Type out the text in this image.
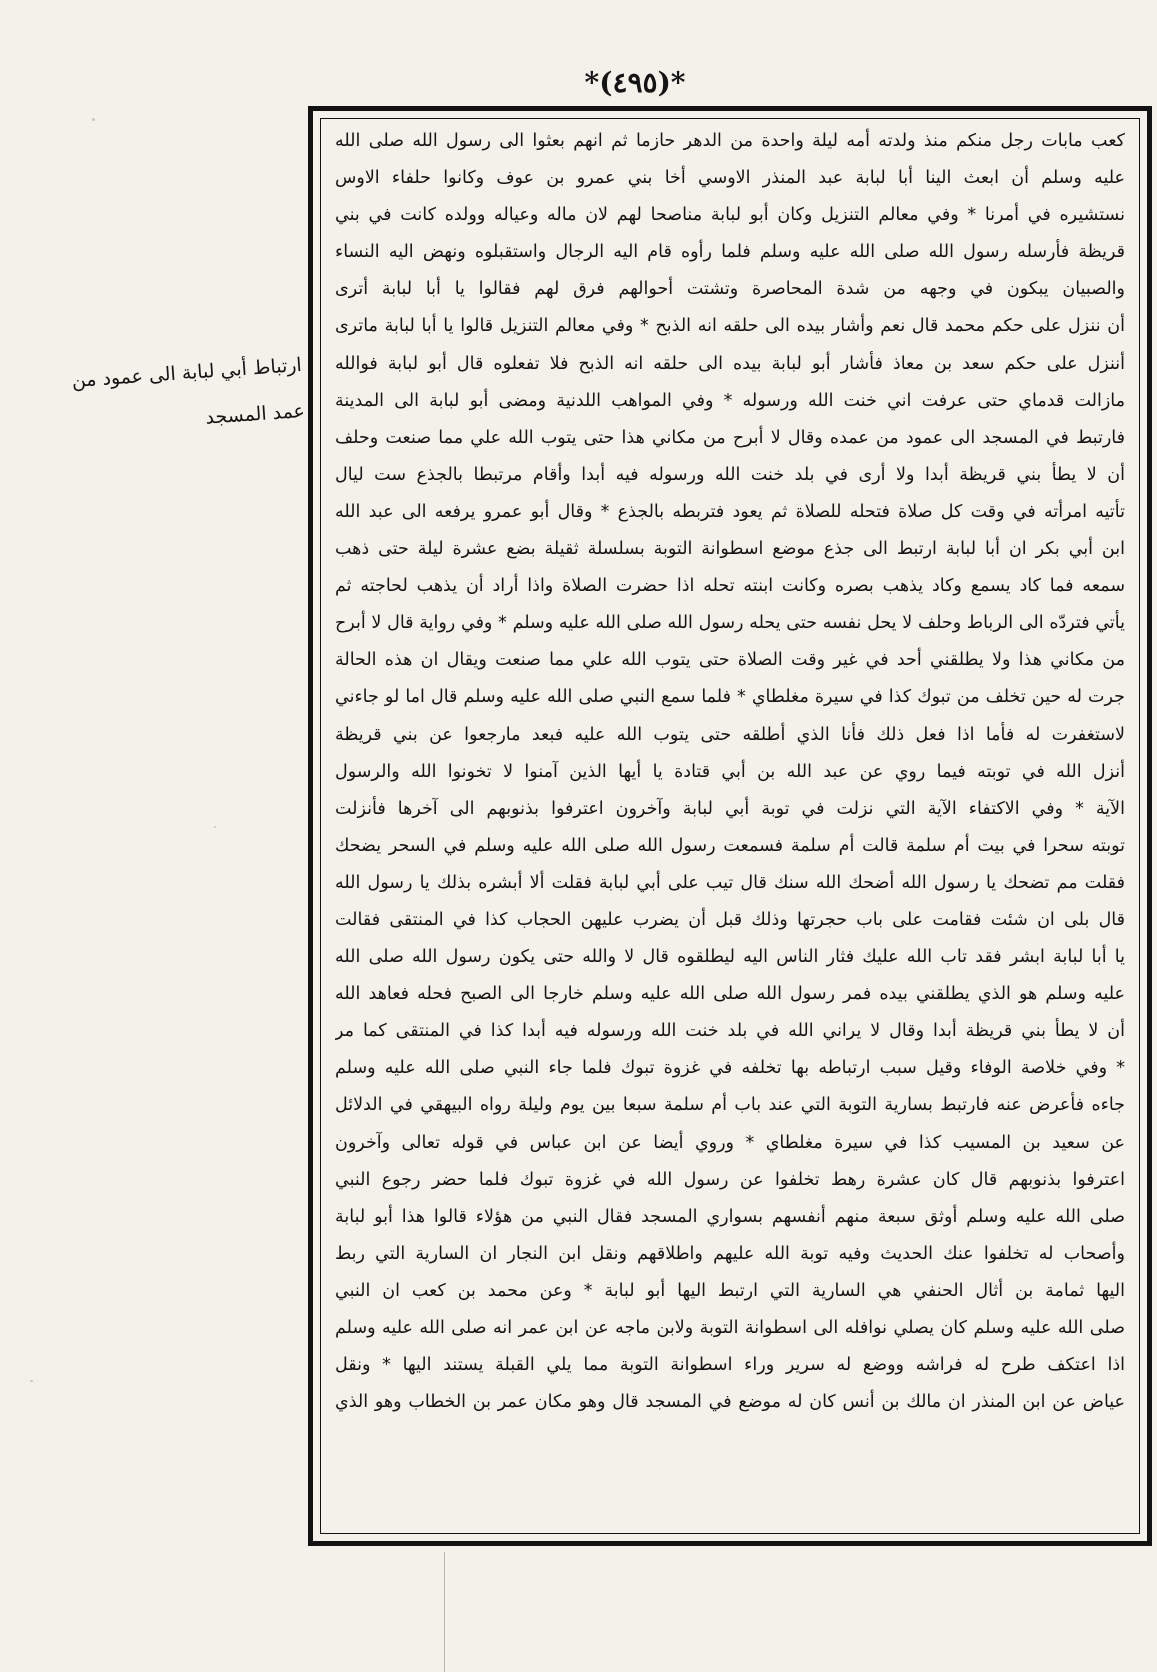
*(٤٩٥)*
ارتباط أبي لبابة الى عمود من
عمد المسجد
كعب مابات رجل منكم منذ ولدته أمه ليلة واحدة من الدهر حازما ثم انهم بعثوا الى رسول الله صلى الله
عليه وسلم أن ابعث الينا أبا لبابة عبد المنذر الاوسي أخا بني عمرو بن عوف وكانوا حلفاء الاوس
نستشيره في أمرنا * وفي معالم التنزيل وكان أبو لبابة مناصحا لهم لان ماله وعياله وولده كانت في بني
قريظة فأرسله رسول الله صلى الله عليه وسلم فلما رأوه قام اليه الرجال واستقبلوه ونهض اليه النساء
والصبيان يبكون في وجهه من شدة المحاصرة وتشتت أحوالهم فرق لهم فقالوا يا أبا لبابة أترى
أن ننزل على حكم محمد قال نعم وأشار بيده الى حلقه انه الذبح * وفي معالم التنزيل قالوا يا أبا لبابة ماترى
أننزل على حكم سعد بن معاذ فأشار أبو لبابة بيده الى حلقه انه الذبح فلا تفعلوه قال أبو لبابة فوالله
مازالت قدماي حتى عرفت اني خنت الله ورسوله * وفي المواهب اللدنية ومضى أبو لبابة الى المدينة
فارتبط في المسجد الى عمود من عمده وقال لا أبرح من مكاني هذا حتى يتوب الله علي مما صنعت وحلف
أن لا يطأ بني قريظة أبدا ولا أرى في بلد خنت الله ورسوله فيه أبدا وأقام مرتبطا بالجذع ست ليال
تأتيه امرأته في وقت كل صلاة فتحله للصلاة ثم يعود فتربطه بالجذع * وقال أبو عمرو يرفعه الى عبد الله
ابن أبي بكر ان أبا لبابة ارتبط الى جذع موضع اسطوانة التوبة بسلسلة ثقيلة بضع عشرة ليلة حتى ذهب
سمعه فما كاد يسمع وكاد يذهب بصره وكانت ابنته تحله اذا حضرت الصلاة واذا أراد أن يذهب لحاجته ثم
يأتي فتردّه الى الرباط وحلف لا يحل نفسه حتى يحله رسول الله صلى الله عليه وسلم * وفي رواية قال لا أبرح
من مكاني هذا ولا يطلقني أحد في غير وقت الصلاة حتى يتوب الله علي مما صنعت ويقال ان هذه الحالة
جرت له حين تخلف من تبوك كذا في سيرة مغلطاي * فلما سمع النبي صلى الله عليه وسلم قال اما لو جاءني
لاستغفرت له فأما اذا فعل ذلك فأنا الذي أطلقه حتى يتوب الله عليه فبعد مارجعوا عن بني قريظة
أنزل الله في توبته فيما روي عن عبد الله بن أبي قتادة يا أيها الذين آمنوا لا تخونوا الله والرسول
الآية * وفي الاكتفاء الآية التي نزلت في توبة أبي لبابة وآخرون اعترفوا بذنوبهم الى آخرها فأنزلت
توبته سحرا في بيت أم سلمة قالت أم سلمة فسمعت رسول الله صلى الله عليه وسلم في السحر يضحك
فقلت مم تضحك يا رسول الله أضحك الله سنك قال تيب على أبي لبابة فقلت ألا أبشره بذلك يا رسول الله
قال بلى ان شئت فقامت على باب حجرتها وذلك قبل أن يضرب عليهن الحجاب كذا في المنتقى فقالت
يا أبا لبابة ابشر فقد تاب الله عليك فثار الناس اليه ليطلقوه قال لا والله حتى يكون رسول الله صلى الله
عليه وسلم هو الذي يطلقني بيده فمر رسول الله صلى الله عليه وسلم خارجا الى الصبح فحله فعاهد الله
أن لا يطأ بني قريظة أبدا وقال لا يراني الله في بلد خنت الله ورسوله فيه أبدا كذا في المنتقى كما مر
* وفي خلاصة الوفاء وقيل سبب ارتباطه بها تخلفه في غزوة تبوك فلما جاء النبي صلى الله عليه وسلم
جاءه فأعرض عنه فارتبط بسارية التوبة التي عند باب أم سلمة سبعا بين يوم وليلة رواه البيهقي في الدلائل
عن سعيد بن المسيب كذا في سيرة مغلطاي * وروي أيضا عن ابن عباس في قوله تعالى وآخرون
اعترفوا بذنوبهم قال كان عشرة رهط تخلفوا عن رسول الله في غزوة تبوك فلما حضر رجوع النبي
صلى الله عليه وسلم أوثق سبعة منهم أنفسهم بسواري المسجد فقال النبي من هؤلاء قالوا هذا أبو لبابة
وأصحاب له تخلفوا عنك الحديث وفيه توبة الله عليهم واطلاقهم ونقل ابن النجار ان السارية التي ربط
اليها ثمامة بن أثال الحنفي هي السارية التي ارتبط اليها أبو لبابة * وعن محمد بن كعب ان النبي
صلى الله عليه وسلم كان يصلي نوافله الى اسطوانة التوبة ولابن ماجه عن ابن عمر انه صلى الله عليه وسلم
اذا اعتكف طرح له فراشه ووضع له سرير وراء اسطوانة التوبة مما يلي القبلة يستند اليها * ونقل
عياض عن ابن المنذر ان مالك بن أنس كان له موضع في المسجد قال وهو مكان عمر بن الخطاب وهو الذي
